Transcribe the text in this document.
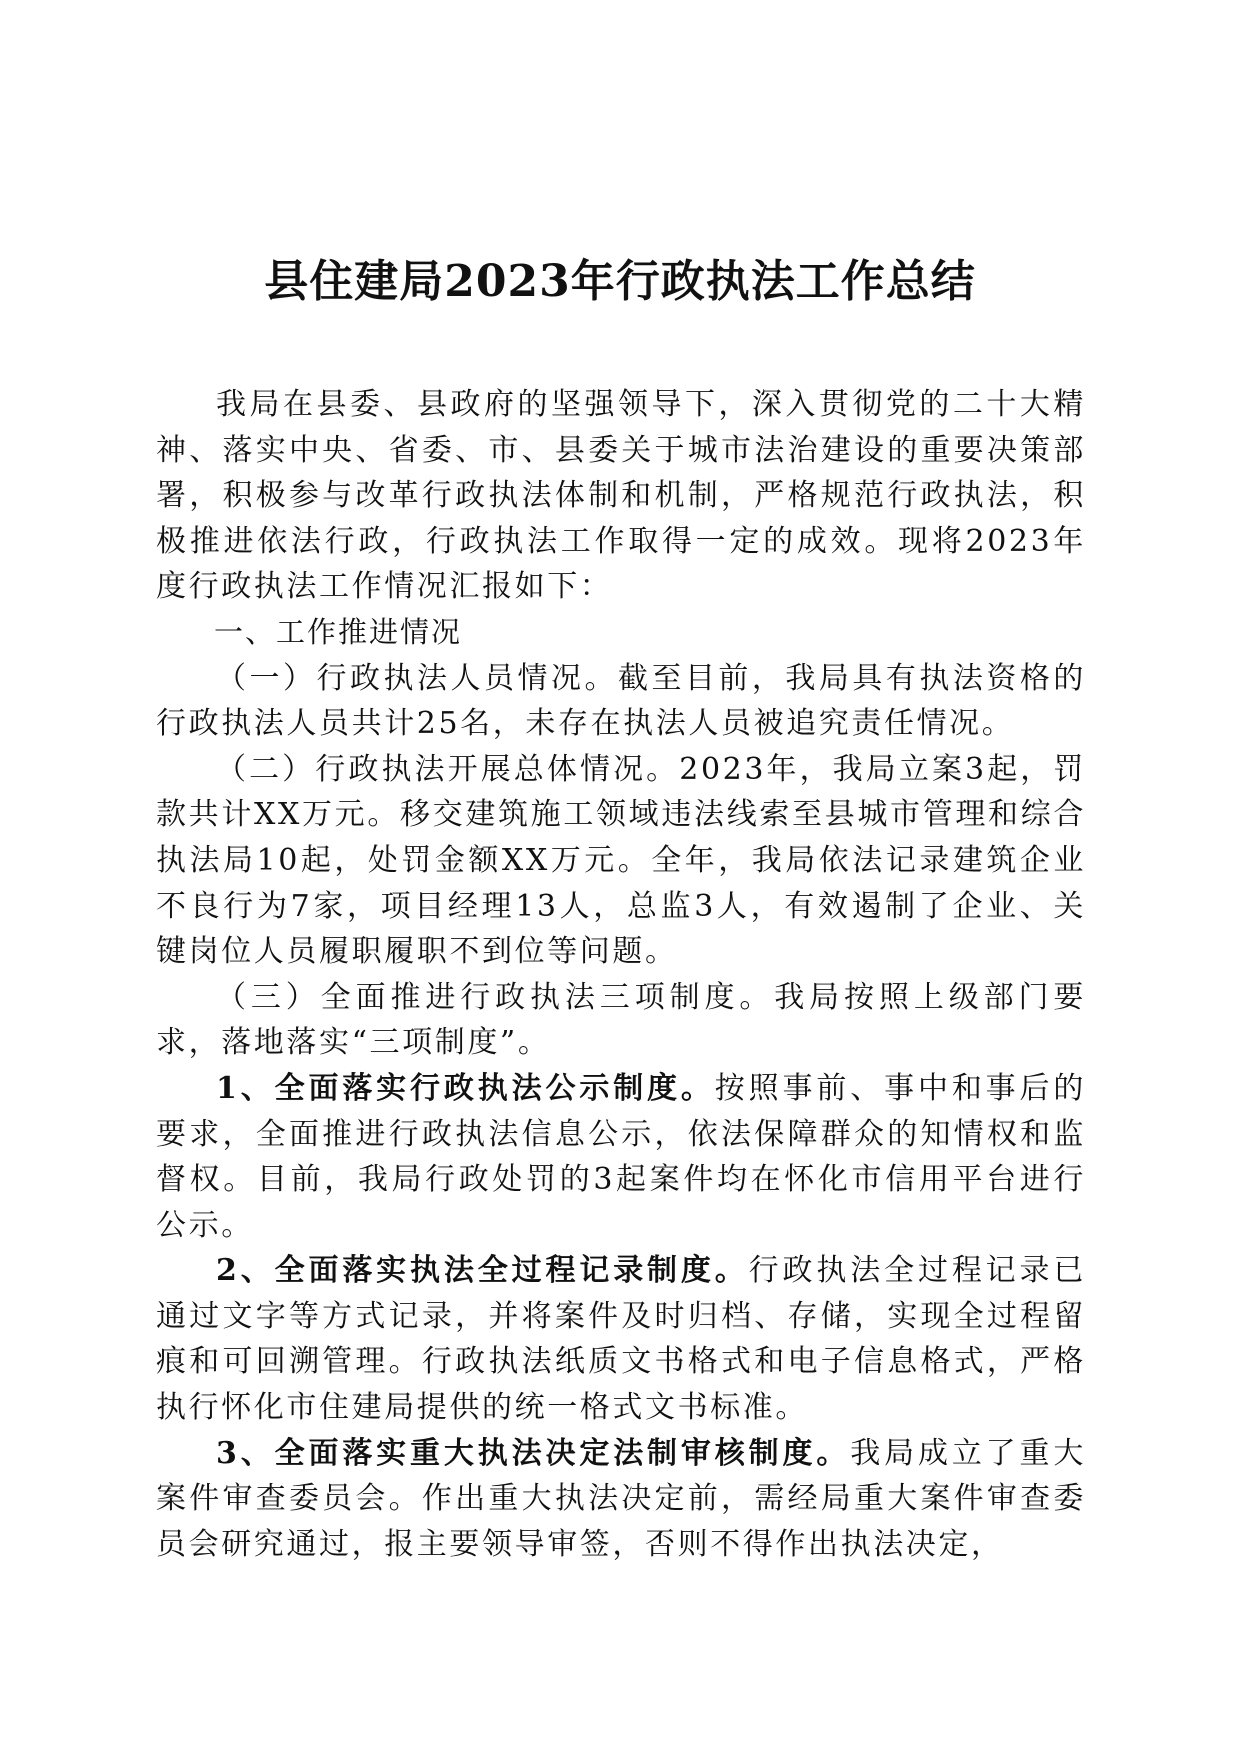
县住建局2023年行政执法工作总结

我局在县委、县政府的坚强领导下，深入贯彻党的二十大精神、落实中央、省委、市、县委关于城市法治建设的重要决策部署，积极参与改革行政执法体制和机制，严格规范行政执法，积极推进依法行政，行政执法工作取得一定的成效。现将2023年度行政执法工作情况汇报如下：

一、工作推进情况

（一）行政执法人员情况。截至目前，我局具有执法资格的行政执法人员共计25名，未存在执法人员被追究责任情况。

（二）行政执法开展总体情况。2023年，我局立案3起，罚款共计XX万元。移交建筑施工领域违法线索至县城市管理和综合执法局10起，处罚金额XX万元。全年，我局依法记录建筑企业不良行为7家，项目经理13人，总监3人，有效遏制了企业、关键岗位人员履职履职不到位等问题。

（三）全面推进行政执法三项制度。我局按照上级部门要求，落地落实“三项制度”。

1、全面落实行政执法公示制度。按照事前、事中和事后的要求，全面推进行政执法信息公示，依法保障群众的知情权和监督权。目前，我局行政处罚的3起案件均在怀化市信用平台进行公示。

2、全面落实执法全过程记录制度。行政执法全过程记录已通过文字等方式记录，并将案件及时归档、存储，实现全过程留痕和可回溯管理。行政执法纸质文书格式和电子信息格式，严格执行怀化市住建局提供的统一格式文书标准。

3、全面落实重大执法决定法制审核制度。我局成立了重大案件审查委员会。作出重大执法决定前，需经局重大案件审查委员会研究通过，报主要领导审签，否则不得作出执法决定，
